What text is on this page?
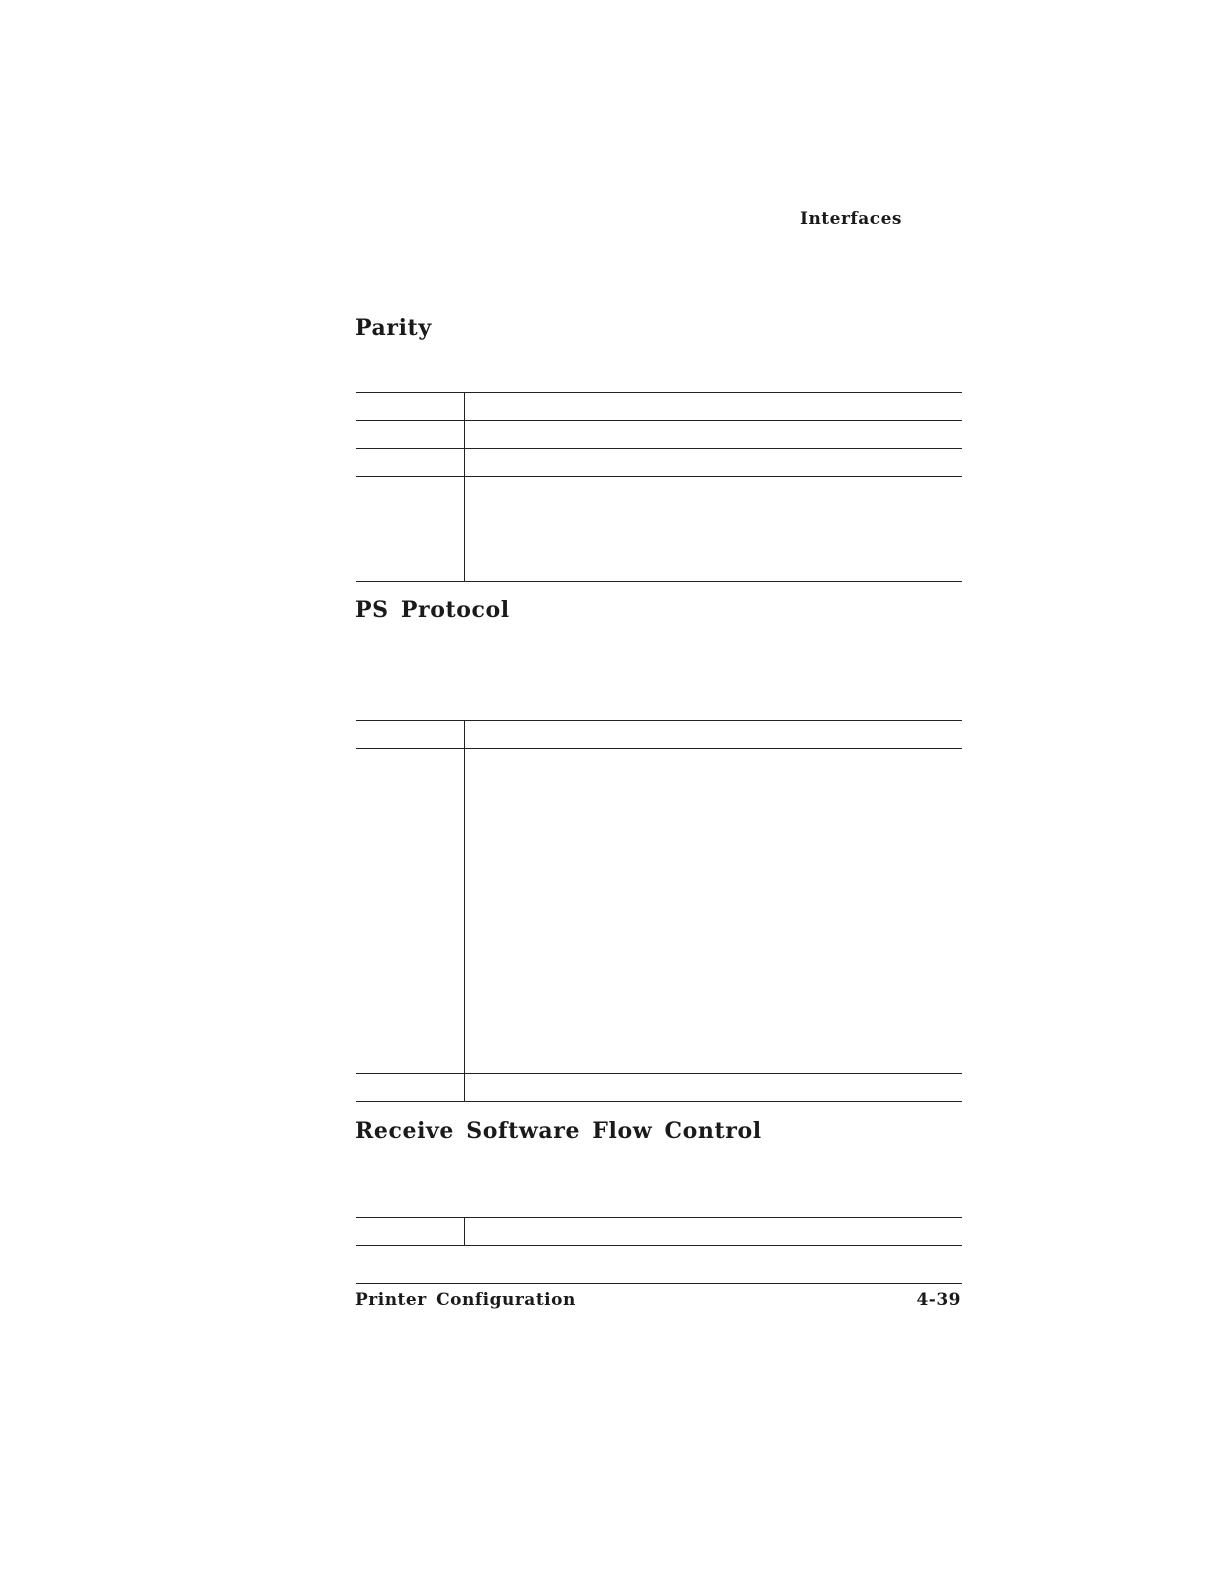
Interfaces
Parity
PS Protocol
Receive Software Flow Control
Printer Configuration	4-39
